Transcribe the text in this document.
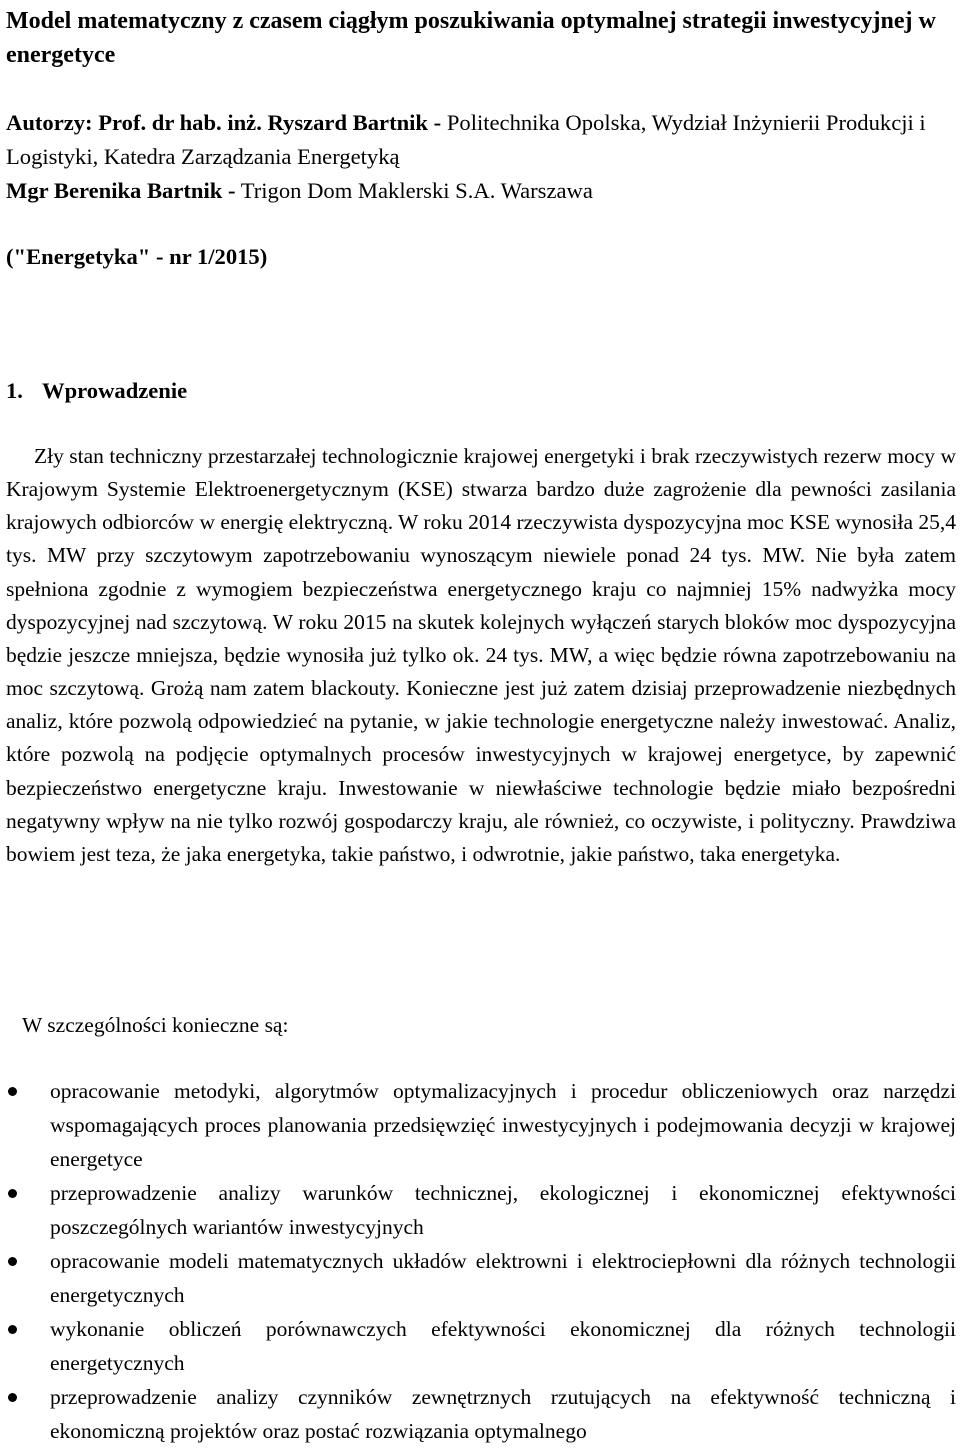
Model matematyczny z czasem ciągłym poszukiwania optymalnej strategii inwestycyjnej w energetyce

Autorzy: Prof. dr hab. inż. Ryszard Bartnik - Politechnika Opolska, Wydział Inżynierii Produkcji i Logistyki, Katedra Zarządzania Energetyką

Mgr Berenika Bartnik - Trigon Dom Maklerski S.A. Warszawa

("Energetyka" - nr 1/2015)
1. Wprowadzenie

Zły stan techniczny przestarzałej technologicznie krajowej energetyki i brak rzeczywistych rezerw mocy w Krajowym Systemie Elektroenergetycznym (KSE) stwarza bardzo duże zagrożenie dla pewności zasilania krajowych odbiorców w energię elektryczną. W roku 2014 rzeczywista dyspozycyjna moc KSE wynosiła 25,4 tys. MW przy szczytowym zapotrzebowaniu wynoszącym niewiele ponad 24 tys. MW. Nie była zatem spełniona zgodnie z wymogiem bezpieczeństwa energetycznego kraju co najmniej 15% nadwyżka mocy dyspozycyjnej nad szczytową. W roku 2015 na skutek kolejnych wyłączeń starych bloków moc dyspozycyjna będzie jeszcze mniejsza, będzie wynosiła już tylko ok. 24 tys. MW, a więc będzie równa zapotrzebowaniu na moc szczytową. Grożą nam zatem blackouty. Konieczne jest już zatem dzisiaj przeprowadzenie niezbędnych analiz, które pozwolą odpowiedzieć na pytanie, w jakie technologie energetyczne należy inwestować. Analiz, które pozwolą na podjęcie optymalnych procesów inwestycyjnych w krajowej energetyce, by zapewnić bezpieczeństwo energetyczne kraju. Inwestowanie w niewłaściwe technologie będzie miało bezpośredni negatywny wpływ na nie tylko rozwój gospodarczy kraju, ale również, co oczywiste, i polityczny. Prawdziwa bowiem jest teza, że jaka energetyka, takie państwo, i odwrotnie, jakie państwo, taka energetyka.

W szczególności konieczne są:

opracowanie metodyki, algorytmów optymalizacyjnych i procedur obliczeniowych oraz narzędzi wspomagających proces planowania przedsięwzięć inwestycyjnych i podejmowania decyzji w krajowej energetyce
przeprowadzenie analizy warunków technicznej, ekologicznej i ekonomicznej efektywności poszczególnych wariantów inwestycyjnych
opracowanie modeli matematycznych układów elektrowni i elektrociepłowni dla różnych technologii energetycznych
wykonanie obliczeń porównawczych efektywności ekonomicznej dla różnych technologii energetycznych
przeprowadzenie analizy czynników zewnętrznych rzutujących na efektywność techniczną i ekonomiczną projektów oraz postać rozwiązania optymalnego
